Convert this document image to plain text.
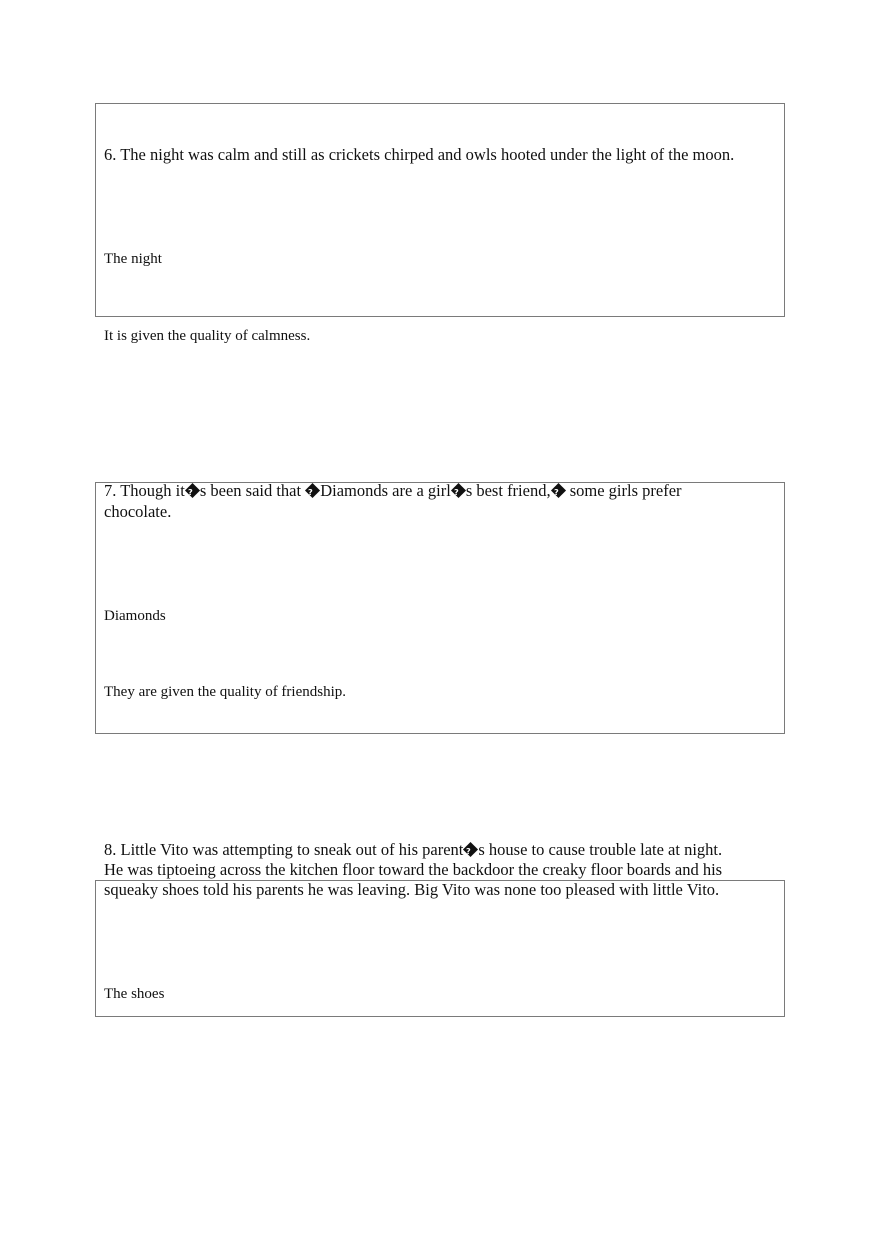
6. The night was calm and still as crickets chirped and owls hooted under the light of the moon.
The night
It is given the quality of calmness.
7. Though it ? s been said that ? Diamonds are a girl ? s best friend, ? some girls prefer
chocolate.
Diamonds
They are given the quality of friendship.
8. Little Vito was attempting to sneak out of his parent ? s house to cause trouble late at night.
He was tiptoeing across the kitchen floor toward the backdoor the creaky floor boards and his
squeaky shoes told his parents he was leaving. Big Vito was none too pleased with little Vito.
The shoes
